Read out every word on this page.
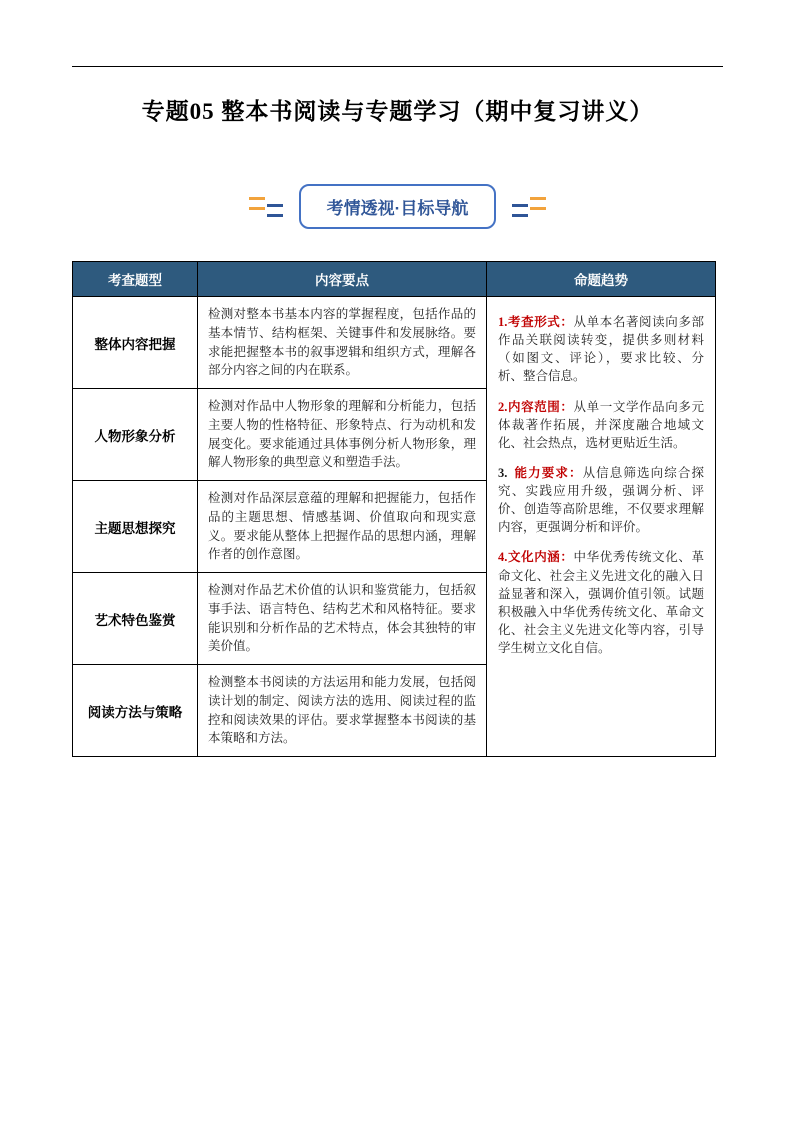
专题05 整本书阅读与专题学习（期中复习讲义）
考情透视·目标导航
考查题型	内容要点	命题趋势
整体内容把握	检测对整本书基本内容的掌握程度，包括作品的基本情节、结构框架、关键事件和发展脉络。要求能把握整本书的叙事逻辑和组织方式，理解各部分内容之间的内在联系。	1.考查形式：从单本名著阅读向多部作品关联阅读转变，提供多则材料（如图文、评论），要求比较、分析、整合信息。

2.内容范围：从单一文学作品向多元体裁著作拓展，并深度融合地域文化、社会热点，选材更贴近生活。

3. 能力要求：从信息筛选向综合探究、实践应用升级，强调分析、评价、创造等高阶思维，不仅要求理解内容，更强调分析和评价。

4.文化内涵：中华优秀传统文化、革命文化、社会主义先进文化的融入日益显著和深入，强调价值引领。试题积极融入中华优秀传统文化、革命文化、社会主义先进文化等内容，引导学生树立文化自信。

人物形象分析	检测对作品中人物形象的理解和分析能力，包括主要人物的性格特征、形象特点、行为动机和发展变化。要求能通过具体事例分析人物形象，理解人物形象的典型意义和塑造手法。	
主题思想探究	检测对作品深层意蕴的理解和把握能力，包括作品的主题思想、情感基调、价值取向和现实意义。要求能从整体上把握作品的思想内涵，理解作者的创作意图。	
艺术特色鉴赏	检测对作品艺术价值的认识和鉴赏能力，包括叙事手法、语言特色、结构艺术和风格特征。要求能识别和分析作品的艺术特点，体会其独特的审美价值。	
阅读方法与策略	检测整本书阅读的方法运用和能力发展，包括阅读计划的制定、阅读方法的选用、阅读过程的监控和阅读效果的评估。要求掌握整本书阅读的基本策略和方法。	
